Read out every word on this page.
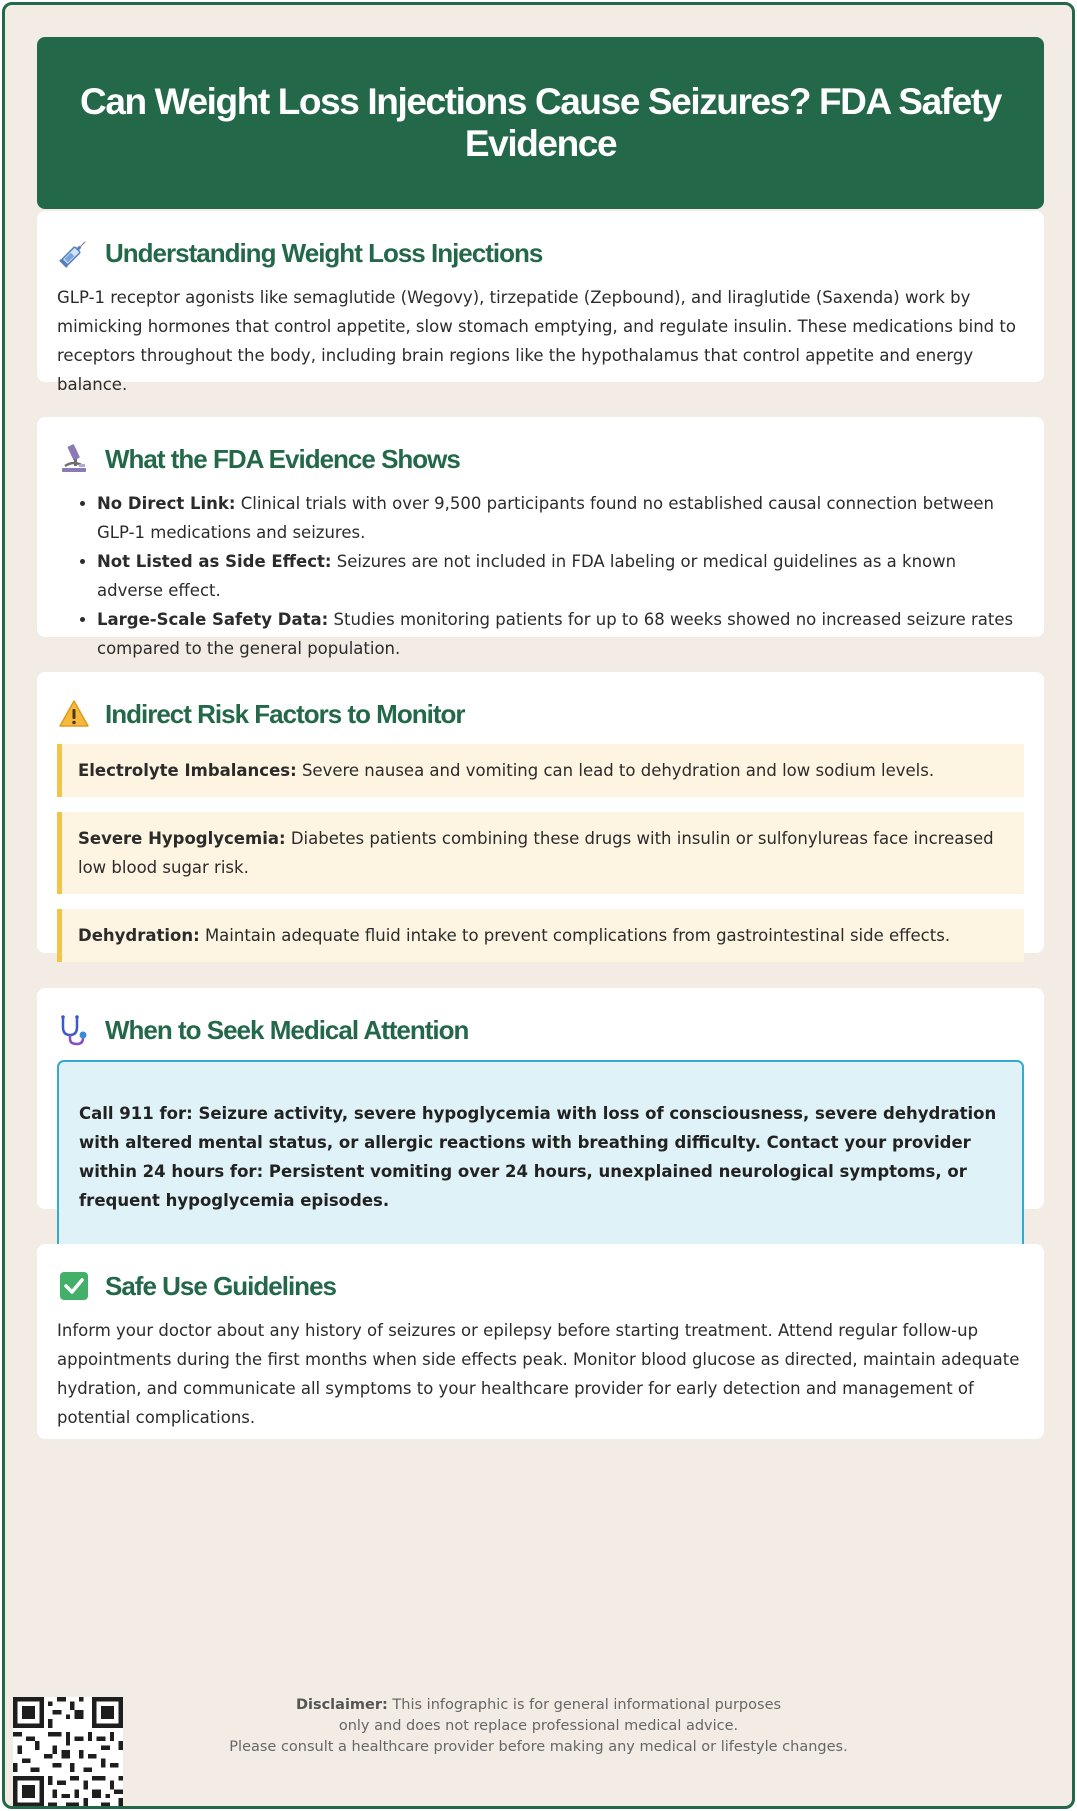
Can Weight Loss Injections Cause Seizures? FDA Safety Evidence
Understanding Weight Loss Injections

GLP-1 receptor agonists like semaglutide (Wegovy), tirzepatide (Zepbound), and liraglutide (Saxenda) work by mimicking hormones that control appetite, slow stomach emptying, and regulate insulin. These medications bind to receptors throughout the body, including brain regions like the hypothalamus that control appetite and energy balance.

What the FDA Evidence Shows
• No Direct Link: Clinical trials with over 9,500 participants found no established causal connection between GLP-1 medications and seizures.
• Not Listed as Side Effect: Seizures are not included in FDA labeling or medical guidelines as a known adverse effect.
• Large-Scale Safety Data: Studies monitoring patients for up to 68 weeks showed no increased seizure rates compared to the general population.
Indirect Risk Factors to Monitor
Electrolyte Imbalances: Severe nausea and vomiting can lead to dehydration and low sodium levels.
Severe Hypoglycemia: Diabetes patients combining these drugs with insulin or sulfonylureas face increased low blood sugar risk.
Dehydration: Maintain adequate fluid intake to prevent complications from gastrointestinal side effects.
When to Seek Medical Attention
Call 911 for: Seizure activity, severe hypoglycemia with loss of consciousness, severe dehydration with altered mental status, or allergic reactions with breathing difficulty. Contact your provider within 24 hours for: Persistent vomiting over 24 hours, unexplained neurological symptoms, or frequent hypoglycemia episodes.
Safe Use Guidelines

Inform your doctor about any history of seizures or epilepsy before starting treatment. Attend regular follow-up appointments during the first months when side effects peak. Monitor blood glucose as directed, maintain adequate hydration, and communicate all symptoms to your healthcare provider for early detection and management of potential complications.

Disclaimer: This infographic is for general informational purposes
only and does not replace professional medical advice.
Please consult a healthcare provider before making any medical or lifestyle changes.
